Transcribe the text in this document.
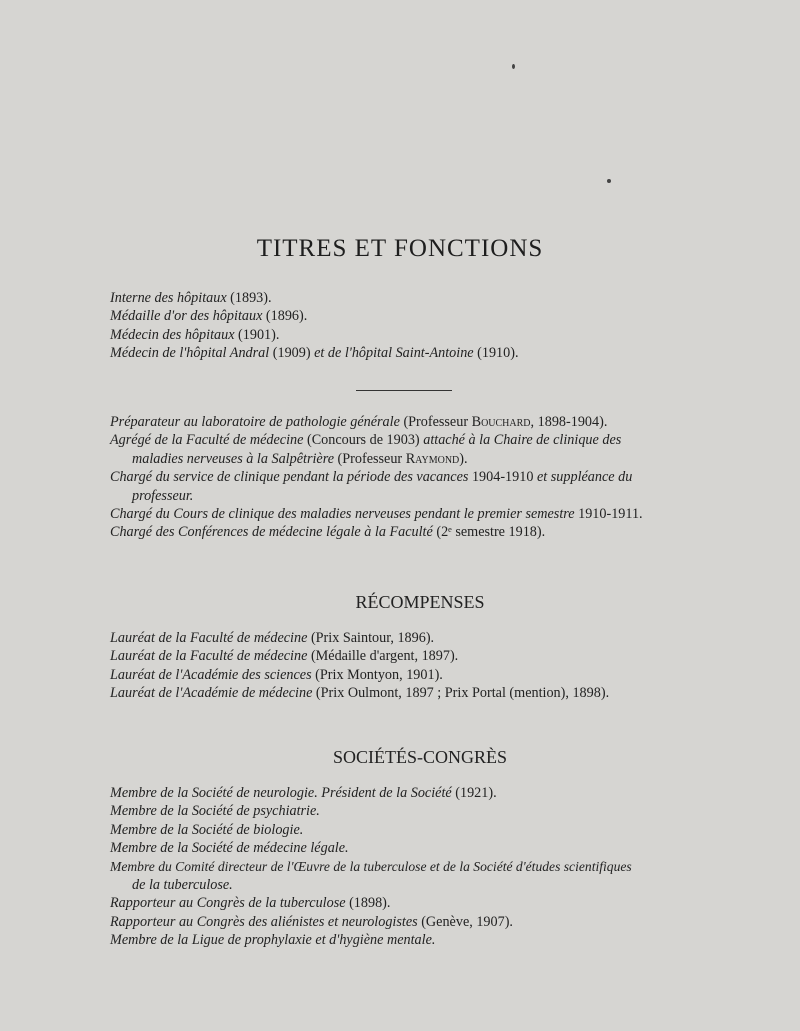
TITRES ET FONCTIONS
Interne des hôpitaux (1893).
Médaille d'or des hôpitaux (1896).
Médecin des hôpitaux (1901).
Médecin de l'hôpital Andral (1909) et de l'hôpital Saint-Antoine (1910).
Préparateur au laboratoire de pathologie générale (Professeur Bouchard, 1898-1904).
Agrégé de la Faculté de médecine (Concours de 1903) attaché à la Chaire de clinique des
maladies nerveuses à la Salpêtrière (Professeur Raymond).
Chargé du service de clinique pendant la période des vacances 1904-1910 et suppléance du
professeur.
Chargé du Cours de clinique des maladies nerveuses pendant le premier semestre 1910-1911.
Chargé des Conférences de médecine légale à la Faculté (2ᵉ semestre 1918).
RÉCOMPENSES
Lauréat de la Faculté de médecine (Prix Saintour, 1896).
Lauréat de la Faculté de médecine (Médaille d'argent, 1897).
Lauréat de l'Académie des sciences (Prix Montyon, 1901).
Lauréat de l'Académie de médecine (Prix Oulmont, 1897 ; Prix Portal (mention), 1898).
SOCIÉTÉS-CONGRÈS
Membre de la Société de neurologie. Président de la Société (1921).
Membre de la Société de psychiatrie.
Membre de la Société de biologie.
Membre de la Société de médecine légale.
Membre du Comité directeur de l'Œuvre de la tuberculose et de la Société d'études scientifiques
de la tuberculose.
Rapporteur au Congrès de la tuberculose (1898).
Rapporteur au Congrès des aliénistes et neurologistes (Genève, 1907).
Membre de la Ligue de prophylaxie et d'hygiène mentale.
